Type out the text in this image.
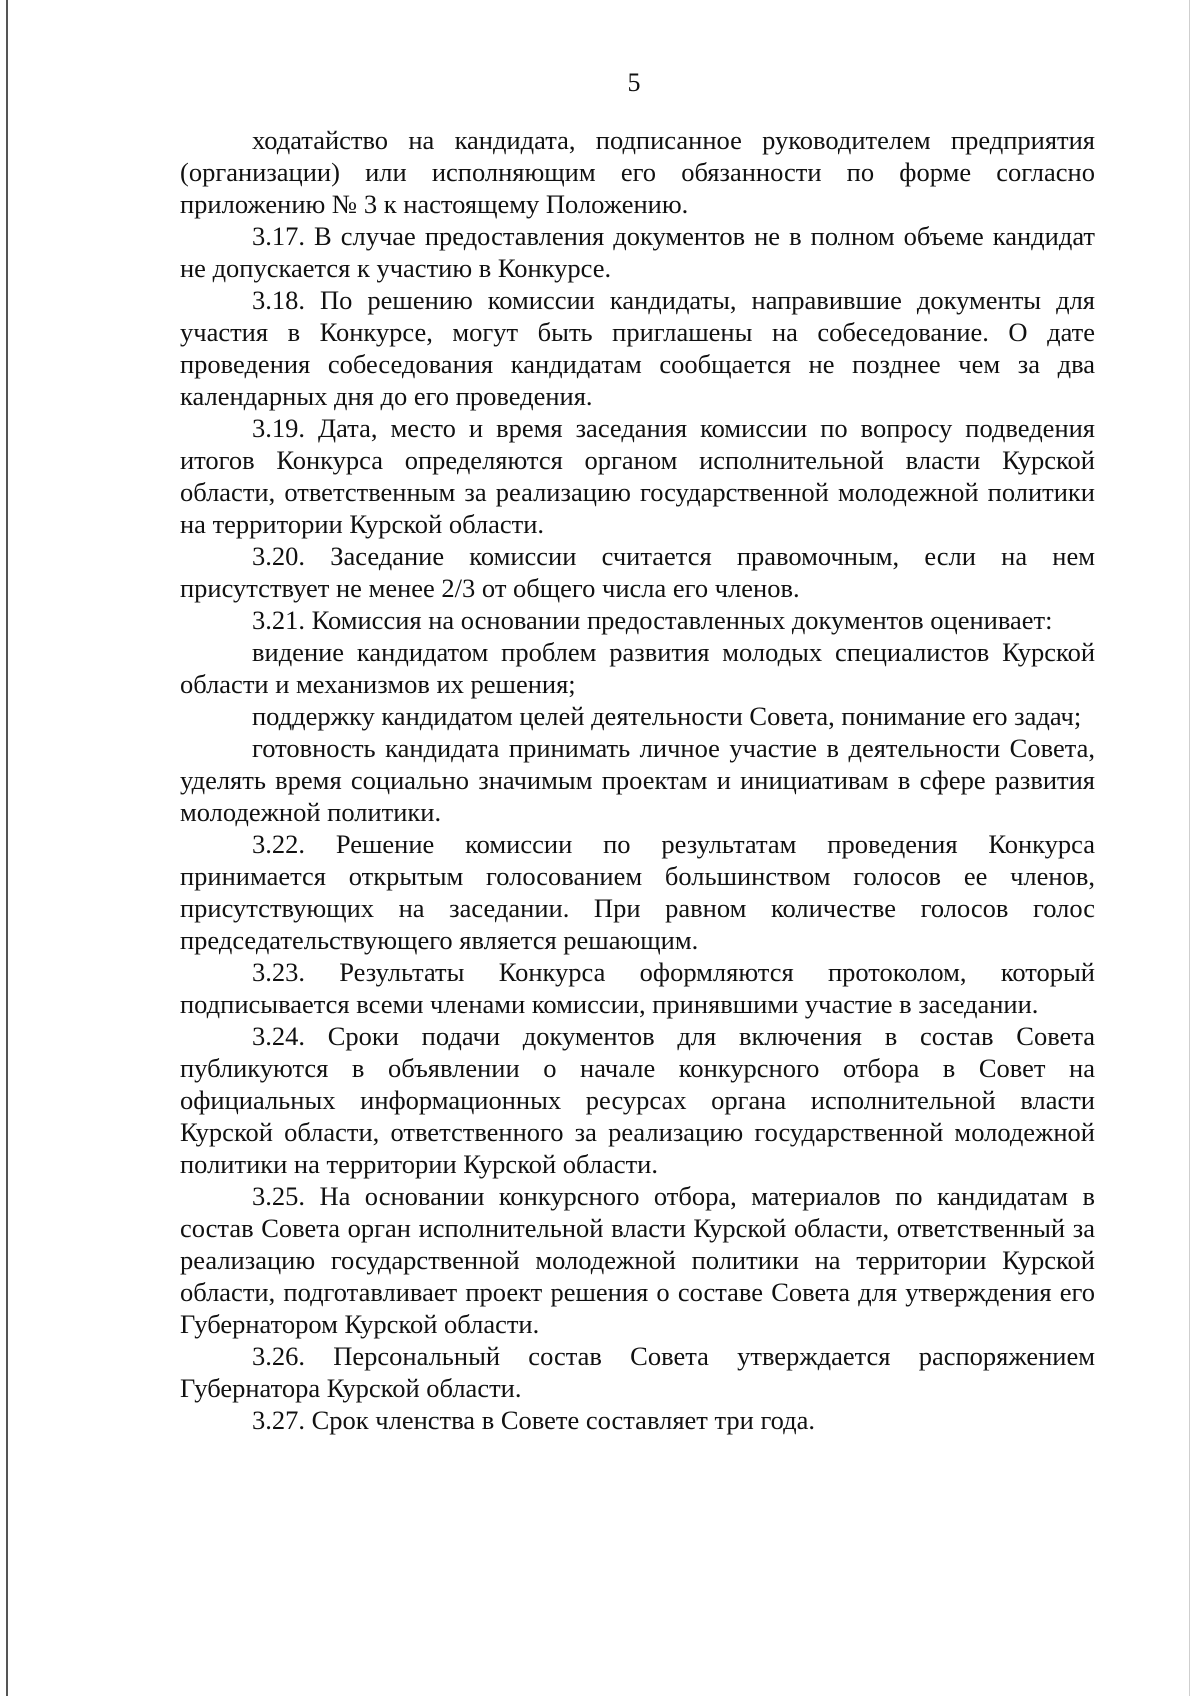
5

ходатайство на кандидата, подписанное руководителем предприятия (организации) или исполняющим его обязанности по форме согласно приложению № 3 к настоящему Положению.

3.17. В случае предоставления документов не в полном объеме кандидат не допускается к участию в Конкурсе.

3.18. По решению комиссии кандидаты, направившие документы для участия в Конкурсе, могут быть приглашены на собеседование. О дате проведения собеседования кандидатам сообщается не позднее чем за два календарных дня до его проведения.

3.19. Дата, место и время заседания комиссии по вопросу подведения итогов Конкурса определяются органом исполнительной власти Курской области, ответственным за реализацию государственной молодежной политики на территории Курской области.

3.20. Заседание комиссии считается правомочным, если на нем присутствует не менее 2/3 от общего числа его членов.

3.21. Комиссия на основании предоставленных документов оценивает:

видение кандидатом проблем развития молодых специалистов Курской области и механизмов их решения;

поддержку кандидатом целей деятельности Совета, понимание его задач;

готовность кандидата принимать личное участие в деятельности Совета, уделять время социально значимым проектам и инициативам в сфере развития молодежной политики.

3.22. Решение комиссии по результатам проведения Конкурса принимается открытым голосованием большинством голосов ее членов, присутствующих на заседании. При равном количестве голосов голос председательствующего является решающим.

3.23. Результаты Конкурса оформляются протоколом, который подписывается всеми членами комиссии, принявшими участие в заседании.

3.24. Сроки подачи документов для включения в состав Совета публикуются в объявлении о начале конкурсного отбора в Совет на официальных информационных ресурсах органа исполнительной власти Курской области, ответственного за реализацию государственной молодежной политики на территории Курской области.

3.25. На основании конкурсного отбора, материалов по кандидатам в состав Совета орган исполнительной власти Курской области, ответственный за реализацию государственной молодежной политики на территории Курской области, подготавливает проект решения о составе Совета для утверждения его Губернатором Курской области.

3.26. Персональный состав Совета утверждается распоряжением Губернатора Курской области.

3.27. Срок членства в Совете составляет три года.
